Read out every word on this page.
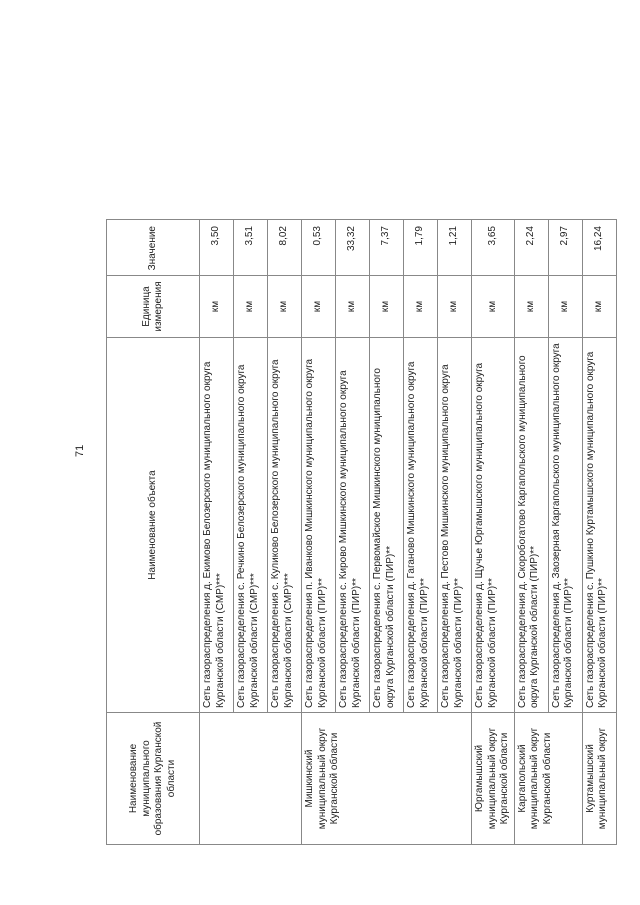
71
Наименование муниципального образования Курганской области	Наименование объекта	Единица измерения	Значение
	Сеть газораспределения д. Екимово Белозерского муниципального округа Курганской области (СМР)***	км	3,50
	Сеть газораспределения с. Речкино Белозерского муниципального округа Курганской области (СМР)***	км	3,51
	Сеть газораспределения с. Куликово Белозерского муниципального округа Курганской области (СМР)***	км	8,02
Мишкинский муниципальный округ Курганской области	Сеть газораспределения п. Иванково Мишкинского муниципального округа Курганской области (ПИР)**	км	0,53
	Сеть газораспределения с. Кирово Мишкинского муниципального округа Курганской области (ПИР)**	км	33,32
	Сеть газораспределения с. Первомайское Мишкинского муниципального округа Курганской области (ПИР)**	км	7,37
	Сеть газораспределения д. Гаганово Мишкинского муниципального округа Курганской области (ПИР)**	км	1,79
	Сеть газораспределения д. Пестово Мишкинского муниципального округа Курганской области (ПИР)**	км	1,21
Юргамышский муниципальный округ Курганской области	Сеть газораспределения д. Щучье Юргамышского муниципального округа Курганской области (ПИР)**	км	3,65
Каргапольский муниципальный округ Курганской области	Сеть газораспределения д. Скоробогатово Каргапольского муниципального округа Курганской области (ПИР)**	км	2,24
	Сеть газораспределения д. Заозерная Каргапольского муниципального округа Курганской области (ПИР)**	км	2,97
Куртамышский муниципальный округ	Сеть газораспределения с. Пушкино Куртамышского муниципального округа Курганской области (ПИР)**	км	16,24
